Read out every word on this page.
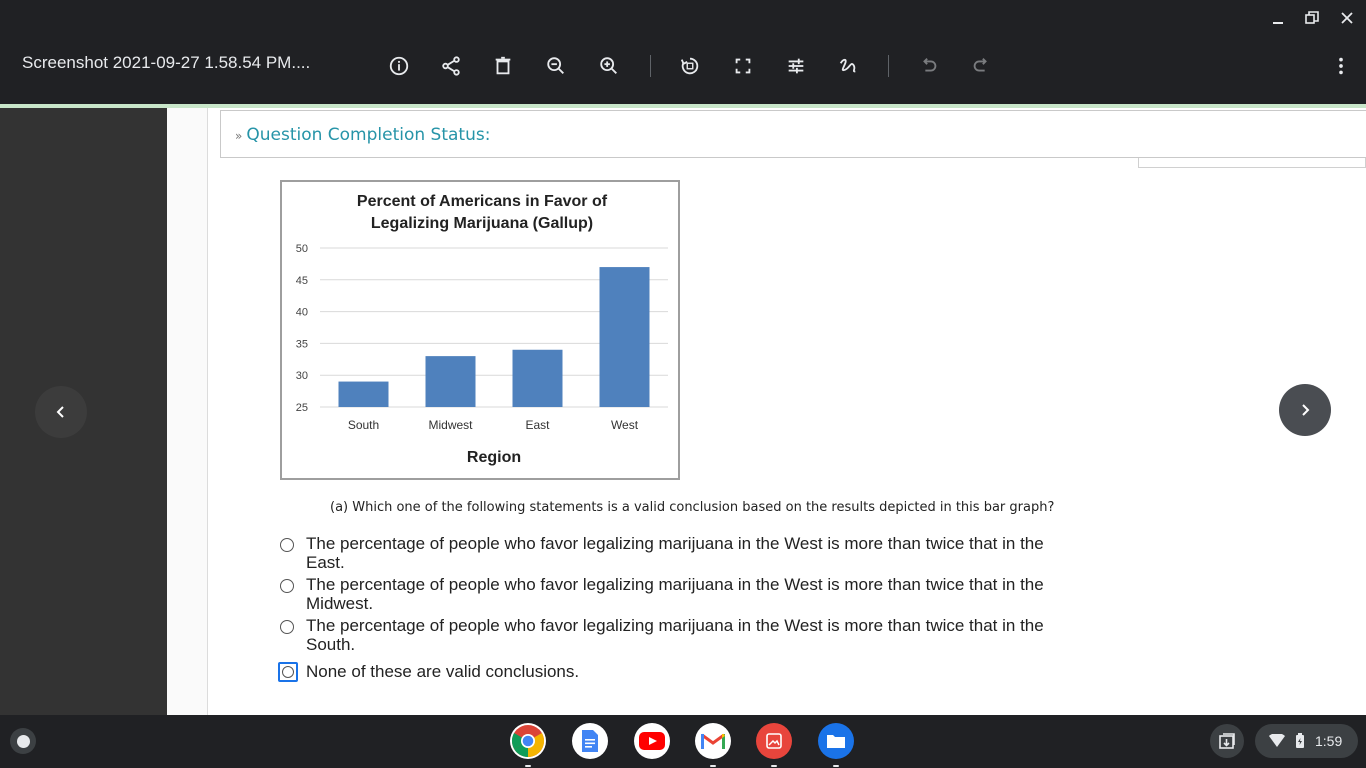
Screenshot 2021-09-27 1.58.54 PM....
» Question Completion Status:
Percent of Americans in Favor of
Legalizing Marijuana (Gallup)
25
30
35
40
45
50
South	Midwest	East	West
Region
(a) Which one of the following statements is a valid conclusion based on the results depicted in this bar graph?
The percentage of people who favor legalizing marijuana in the West is more than twice that in the East.
The percentage of people who favor legalizing marijuana in the West is more than twice that in the Midwest.
The percentage of people who favor legalizing marijuana in the West is more than twice that in the South.
None of these are valid conclusions.
1:59
